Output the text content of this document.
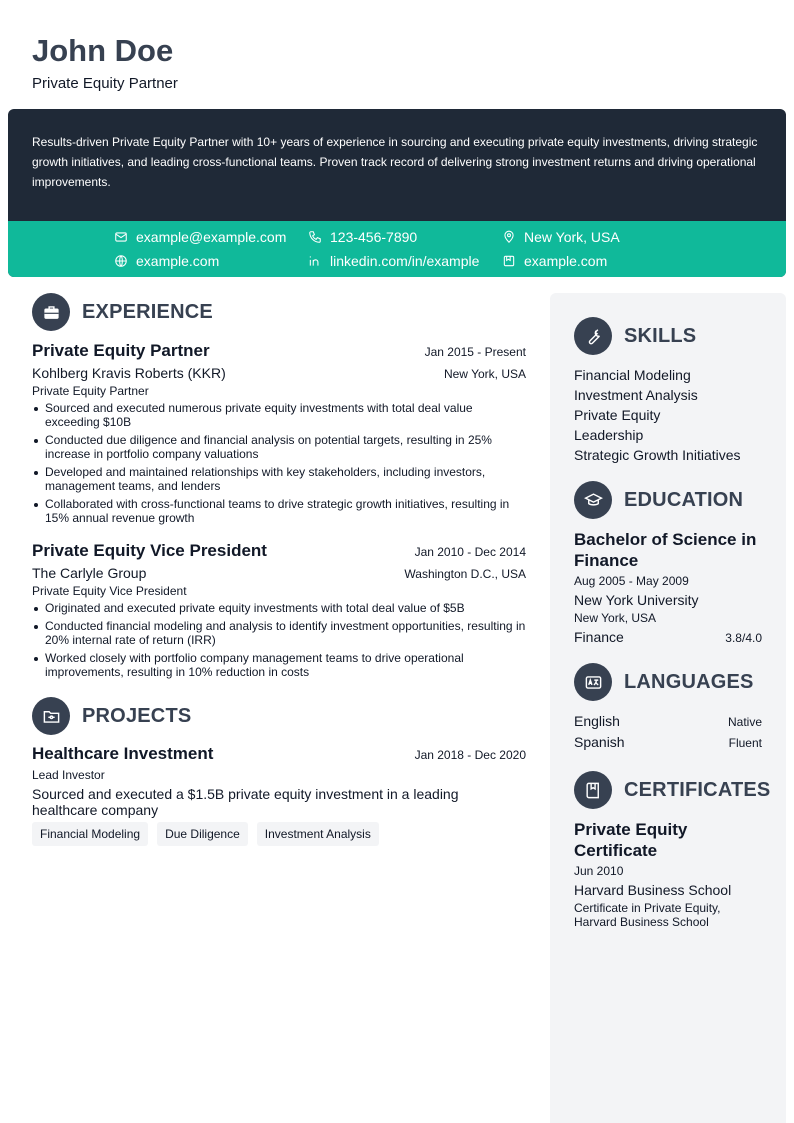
John Doe
Private Equity Partner
Results-driven Private Equity Partner with 10+ years of experience in sourcing and executing private equity investments, driving strategic growth initiatives, and leading cross-functional teams. Proven track record of delivering strong investment returns and driving operational improvements.
example@example.com	123-456-7890	New York, USA
example.com	linkedin.com/in/example	example.com
EXPERIENCE
Private Equity Partner	Jan 2015 - Present
Kohlberg Kravis Roberts (KKR)	New York, USA
Private Equity Partner
Sourced and executed numerous private equity investments with total deal value exceeding $10B
Conducted due diligence and financial analysis on potential targets, resulting in 25% increase in portfolio company valuations
Developed and maintained relationships with key stakeholders, including investors, management teams, and lenders
Collaborated with cross-functional teams to drive strategic growth initiatives, resulting in 15% annual revenue growth
Private Equity Vice President	Jan 2010 - Dec 2014
The Carlyle Group	Washington D.C., USA
Private Equity Vice President
Originated and executed private equity investments with total deal value of $5B
Conducted financial modeling and analysis to identify investment opportunities, resulting in 20% internal rate of return (IRR)
Worked closely with portfolio company management teams to drive operational improvements, resulting in 10% reduction in costs
PROJECTS
Healthcare Investment	Jan 2018 - Dec 2020
Lead Investor
Sourced and executed a $1.5B private equity investment in a leading healthcare company
Financial Modeling	Due Diligence	Investment Analysis
SKILLS
Financial Modeling
Investment Analysis
Private Equity
Leadership
Strategic Growth Initiatives
EDUCATION
Bachelor of Science in Finance
Aug 2005 - May 2009
New York University
New York, USA
Finance	3.8/4.0
LANGUAGES
English	Native
Spanish	Fluent
CERTIFICATES
Private Equity Certificate
Jun 2010
Harvard Business School
Certificate in Private Equity, Harvard Business School
